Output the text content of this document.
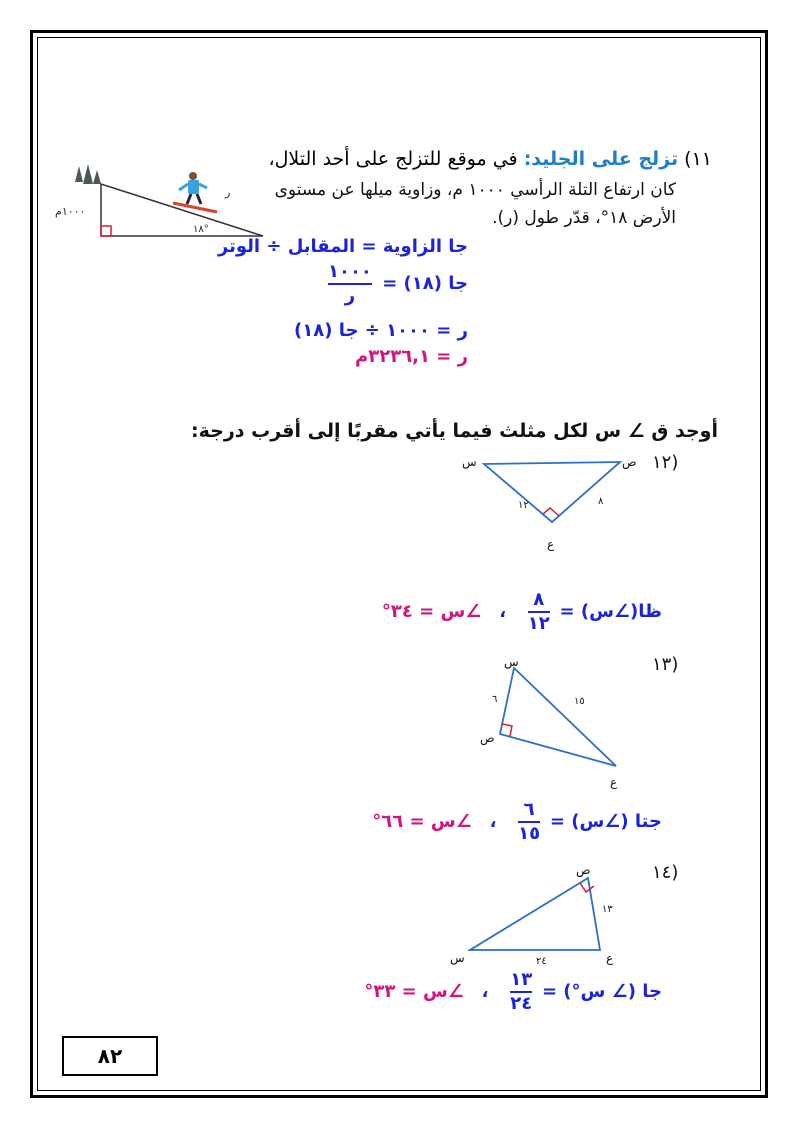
١١) تزلج على الجليد: في موقع للتزلج على أحد التلال،
كان ارتفاع التلة الرأسي ١٠٠٠ م، وزاوية ميلها عن مستوى
الأرض ١٨°، قدّر طول (ر).
ر
١٠٠٠م
١٨°
جا الزاوية = المقابل ÷ الوتر
جا (١٨) =
$\frac{١٠٠٠}{\text{ر}}$
ر = ١٠٠٠ ÷ جا (١٨)
ر = ٣٢٣٦,١م
أوجد ق ∠ س لكل مثلث فيما يأتي مقربًا إلى أقرب درجة:
١٢)
س	ص
ع
٨
١٢
ظا(∠س) =
$\frac{٨}{١٢}$
، ∠س = ٣٤°
١٣)
س
ص
ع
٦	١٥
جتا (∠س) =
$\frac{٦}{١٥}$
، ∠س = ٦٦°
١٤)
ص
س	ع
١٣
٢٤
جا (∠ س°) =
$\frac{١٣}{٢٤}$
، ∠س = ٣٣°
٨٢
